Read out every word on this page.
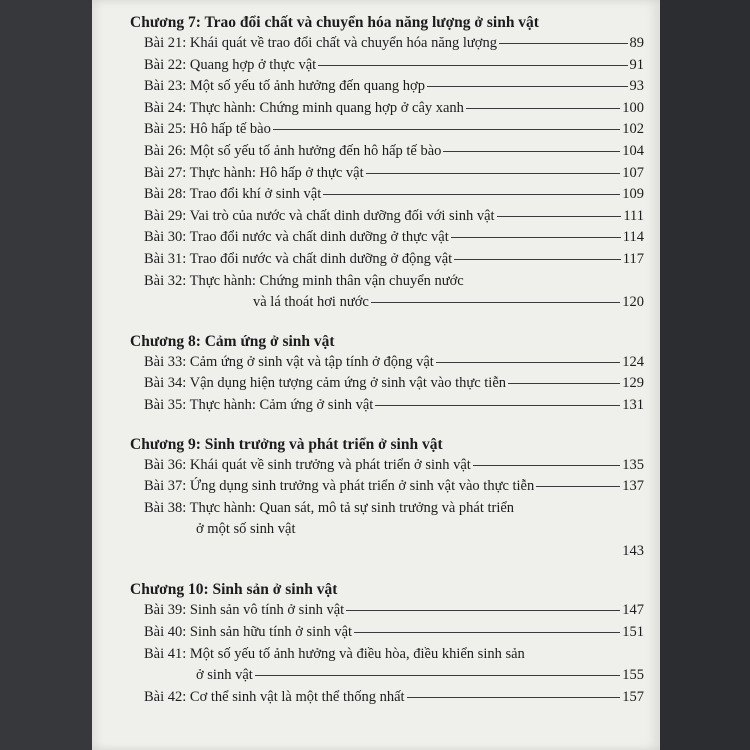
Chương 7: Trao đổi chất và chuyển hóa năng lượng ở sinh vật
Bài 21: Khái quát về trao đổi chất và chuyển hóa năng lượng	89
Bài 22: Quang hợp ở thực vật	91
Bài 23: Một số yếu tố ảnh hưởng đến quang hợp	93
Bài 24: Thực hành: Chứng minh quang hợp ở cây xanh	100
Bài 25: Hô hấp tế bào	102
Bài 26: Một số yếu tố ảnh hưởng đến hô hấp tế bào	104
Bài 27: Thực hành: Hô hấp ở thực vật	107
Bài 28: Trao đổi khí ở sinh vật	109
Bài 29: Vai trò của nước và chất dinh dưỡng đối với sinh vật	111
Bài 30: Trao đổi nước và chất dinh dưỡng ở thực vật	114
Bài 31: Trao đổi nước và chất dinh dưỡng ở động vật	117
Bài 32: Thực hành: Chứng minh thân vận chuyển nước
và lá thoát hơi nước	120
Chương 8: Cảm ứng ở sinh vật
Bài 33: Cảm ứng ở sinh vật và tập tính ở động vật	124
Bài 34: Vận dụng hiện tượng cảm ứng ở sinh vật vào thực tiễn	129
Bài 35: Thực hành: Cảm ứng ở sinh vật	131
Chương 9: Sinh trưởng và phát triển ở sinh vật
Bài 36: Khái quát về sinh trưởng và phát triển ở sinh vật	135
Bài 37: Ứng dụng sinh trưởng và phát triển ở sinh vật vào thực tiễn	137
Bài 38: Thực hành: Quan sát, mô tả sự sinh trưởng và phát triển
ở một số sinh vật
143
Chương 10: Sinh sản ở sinh vật
Bài 39: Sinh sản vô tính ở sinh vật	147
Bài 40: Sinh sản hữu tính ở sinh vật	151
Bài 41: Một số yếu tố ảnh hưởng và điều hòa, điều khiển sinh sản
ở sinh vật	155
Bài 42: Cơ thể sinh vật là một thể thống nhất	157
